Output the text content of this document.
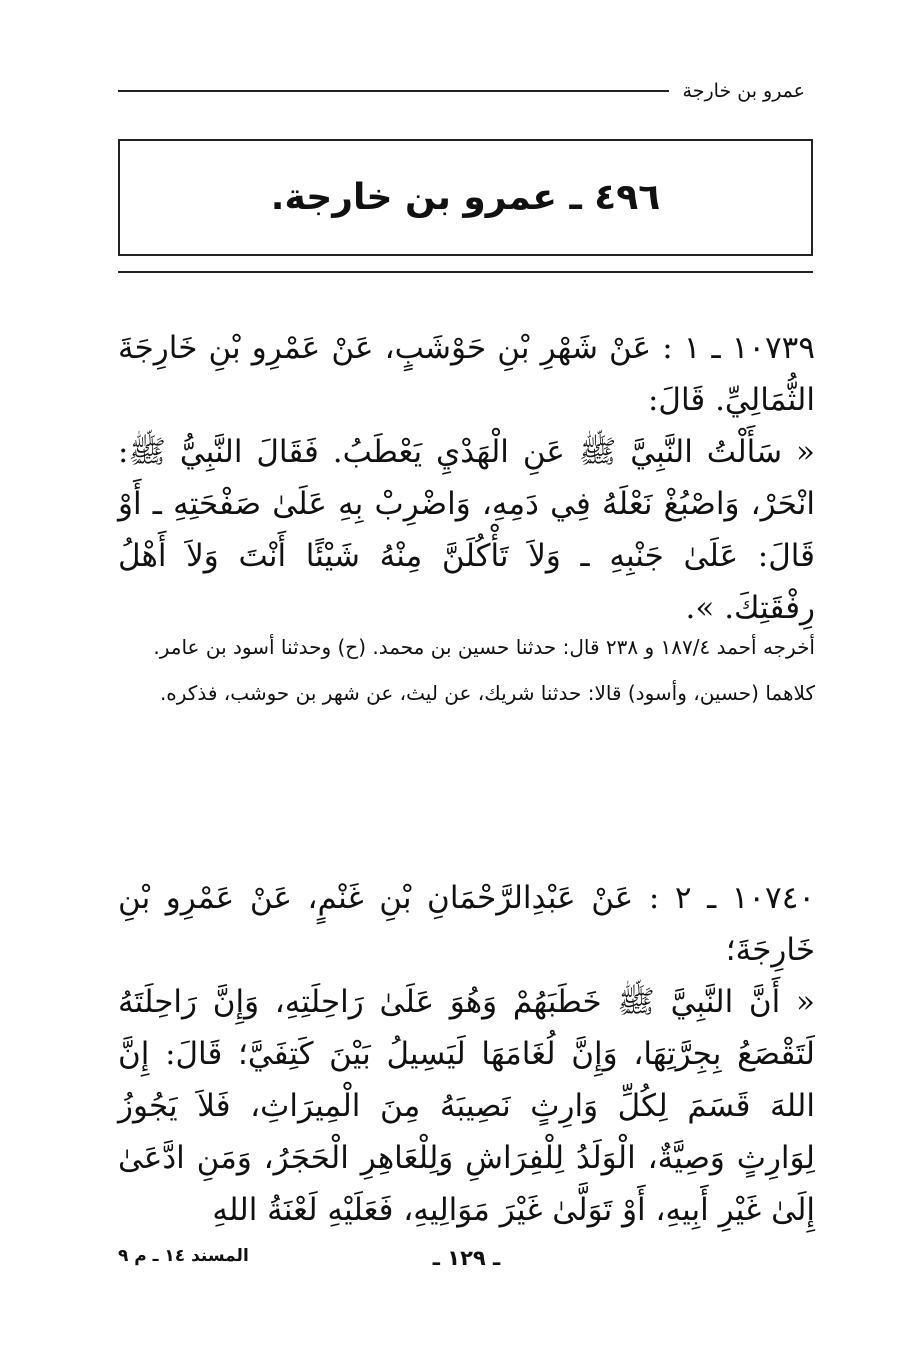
عمرو بن خارجة
٤٩٦ ـ عمرو بن خارجة.

١٠٧٣٩ ـ ١ : عَنْ شَهْرِ بْنِ حَوْشَبٍ، عَنْ عَمْرِو بْنِ خَارِجَةَ الثُّمَالِيِّ. قَالَ:

« سَأَلْتُ النَّبِيَّ ﷺ عَنِ الْهَدْيِ يَعْطَبُ. فَقَالَ النَّبِيُّ ﷺ: انْحَرْ، وَاصْبُغْ نَعْلَهُ فِي دَمِهِ، وَاضْرِبْ بِهِ عَلَىٰ صَفْحَتِهِ ـ أَوْ قَالَ: عَلَىٰ جَنْبِهِ ـ وَلاَ تَأْكُلَنَّ مِنْهُ شَيْئًا أَنْتَ وَلاَ أَهْلُ رِفْقَتِكَ. ».

أخرجه أحمد ١٨٧/٤ و ٢٣٨ قال: حدثنا حسين بن محمد. (ح) وحدثنا أسود بن عامر.

كلاهما (حسين، وأسود) قالا: حدثنا شريك، عن ليث، عن شهر بن حوشب، فذكره.

١٠٧٤٠ ـ ٢ : عَنْ عَبْدِالرَّحْمَانِ بْنِ غَنْمٍ، عَنْ عَمْرِو بْنِ خَارِجَةَ؛

« أَنَّ النَّبِيَّ ﷺ خَطَبَهُمْ وَهُوَ عَلَىٰ رَاحِلَتِهِ، وَإِنَّ رَاحِلَتَهُ لَتَقْصَعُ بِجِرَّتِهَا، وَإِنَّ لُغَامَهَا لَيَسِيلُ بَيْنَ كَتِفَيَّ؛ قَالَ: إِنَّ اللهَ قَسَمَ لِكُلِّ وَارِثٍ نَصِيبَهُ مِنَ الْمِيرَاثِ، فَلاَ يَجُوزُ لِوَارِثٍ وَصِيَّةٌ، الْوَلَدُ لِلْفِرَاشِ وَلِلْعَاهِرِ الْحَجَرُ، وَمَنِ ادَّعَىٰ إِلَىٰ غَيْرِ أَبِيهِ، أَوْ تَوَلَّىٰ غَيْرَ مَوَالِيهِ، فَعَلَيْهِ لَعْنَةُ اللهِ

ـ ١٢٩ ـ
المسند ١٤ ـ م ٩
